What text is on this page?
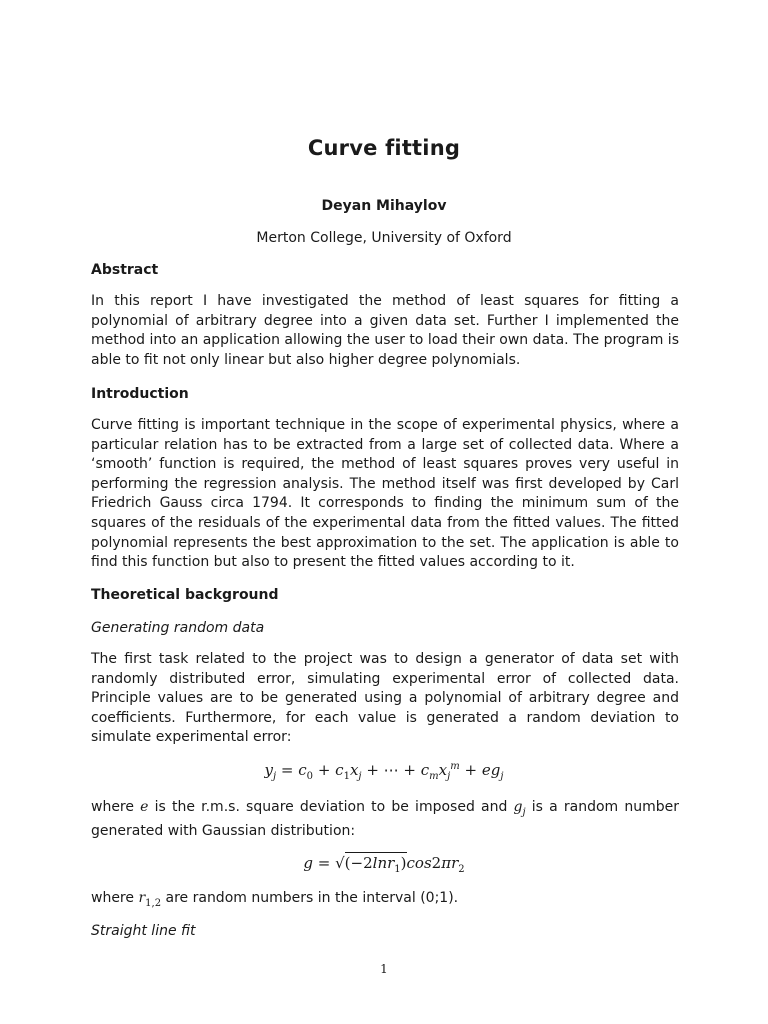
Curve fitting
Deyan Mihaylov
Merton College, University of Oxford
Abstract
In this report I have investigated the method of least squares for fitting a polynomial of arbitrary degree into a given data set. Further I implemented the method into an application allowing the user to load their own data. The program is able to fit not only linear but also higher degree polynomials.
Introduction
Curve fitting is important technique in the scope of experimental physics, where a particular relation has to be extracted from a large set of collected data. Where a ‘smooth’ function is required, the method of least squares proves very useful in performing the regression analysis. The method itself was first developed by Carl Friedrich Gauss circa 1794. It corresponds to finding the minimum sum of the squares of the residuals of the experimental data from the fitted values. The fitted polynomial represents the best approximation to the set. The application is able to find this function but also to present the fitted values according to it.
Theoretical background
Generating random data
The first task related to the project was to design a generator of data set with randomly distributed error, simulating experimental error of collected data. Principle values are to be generated using a polynomial of arbitrary degree and coefficients. Furthermore, for each value is generated a random deviation to simulate experimental error:
$y_j = c_0 + c_1x_j$ + ⋯ + $c_mx_j^m + eg_j$
where e is the r.m.s. square deviation to be imposed and $g_j$ is a random number generated with Gaussian distribution:
$g = √(-2\ln r_1)\cos 2\pi r_2$
where $r_{1,2}$ are random numbers in the interval (0;1).
Straight line fit
1
